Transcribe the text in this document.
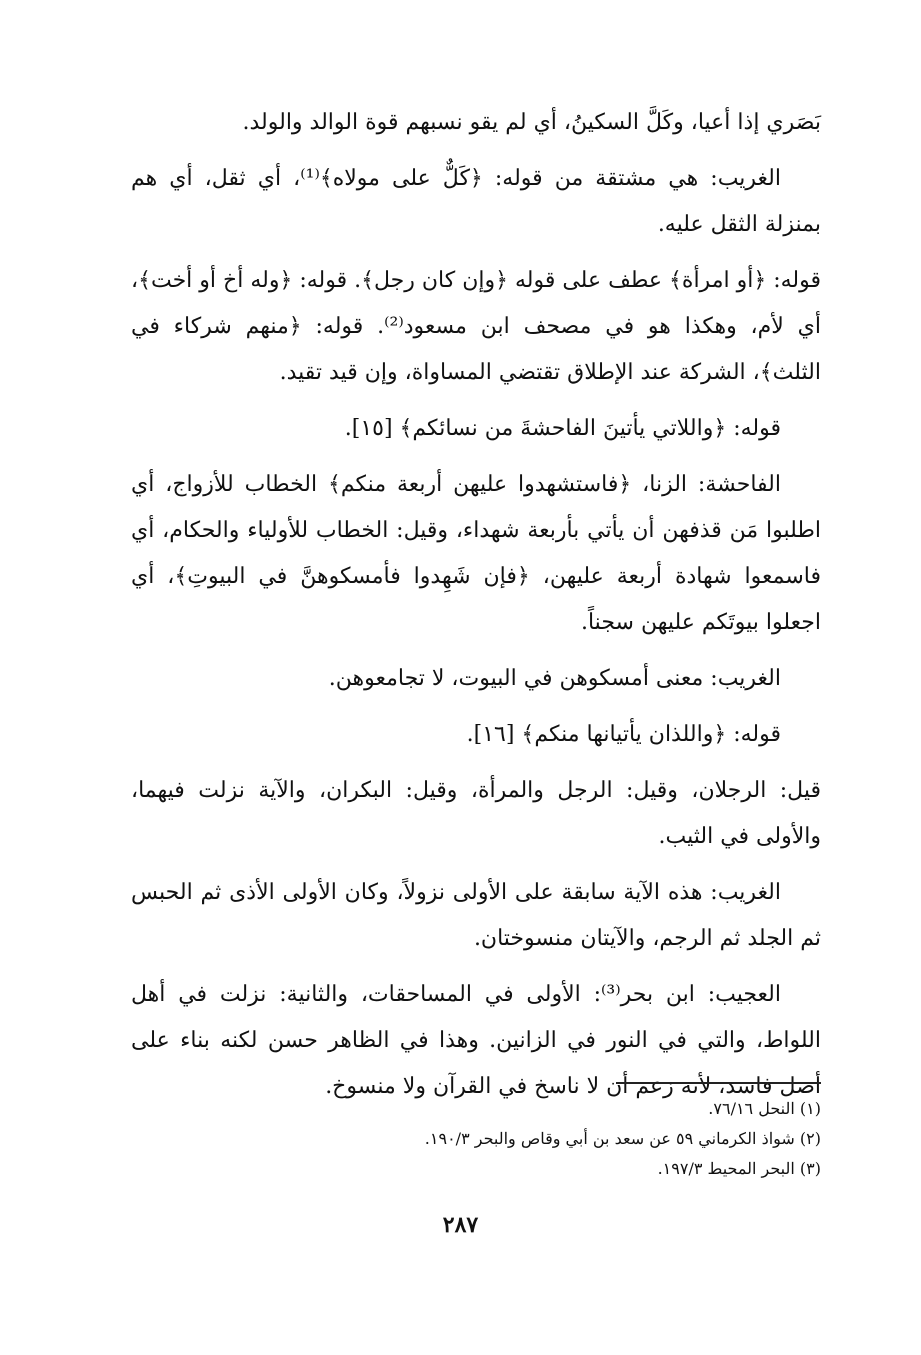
بَصَري إذا أعيا، وكَلَّ السكينُ، أي لم يقو نسبهم قوة الوالد والولد.

الغريب: هي مشتقة من قوله: ﴿كَلٌّ على مولاه﴾⁽¹⁾، أي ثقل، أي هم بمنزلة الثقل عليه.

قوله: ﴿أو امرأة﴾ عطف على قوله ﴿وإن كان رجل﴾. قوله: ﴿وله أخ أو أخت﴾، أي لأم، وهكذا هو في مصحف ابن مسعود⁽²⁾. قوله: ﴿منهم شركاء في الثلث﴾، الشركة عند الإطلاق تقتضي المساواة، وإن قيد تقيد.

قوله: ﴿واللاتي يأتينَ الفاحشةَ من نسائكم﴾ [١٥].

الفاحشة: الزنا، ﴿فاستشهدوا عليهن أربعة منكم﴾ الخطاب للأزواج، أي اطلبوا مَن قذفهن أن يأتي بأربعة شهداء، وقيل: الخطاب للأولياء والحكام، أي فاسمعوا شهادة أربعة عليهن، ﴿فإن شَهِدوا فأمسكوهنَّ في البيوتِ﴾، أي اجعلوا بيوتَكم عليهن سجناً.

الغريب: معنى أمسكوهن في البيوت، لا تجامعوهن.

قوله: ﴿واللذان يأتيانها منكم﴾ [١٦].

قيل: الرجلان، وقيل: الرجل والمرأة، وقيل: البكران، والآية نزلت فيهما، والأولى في الثيب.

الغريب: هذه الآية سابقة على الأولى نزولاً، وكان الأولى الأذى ثم الحبس ثم الجلد ثم الرجم، والآيتان منسوختان.

العجيب: ابن بحر⁽³⁾: الأولى في المساحقات، والثانية: نزلت في أهل اللواط، والتي في النور في الزانين. وهذا في الظاهر حسن لكنه بناء على أصل فاسد، لأنه زعم أن لا ناسخ في القرآن ولا منسوخ.

(١) النحل ٧٦/١٦.

(٢) شواذ الكرماني ٥٩ عن سعد بن أبي وقاص والبحر ١٩٠/٣.

(٣) البحر المحيط ١٩٧/٣.

٢٨٧
